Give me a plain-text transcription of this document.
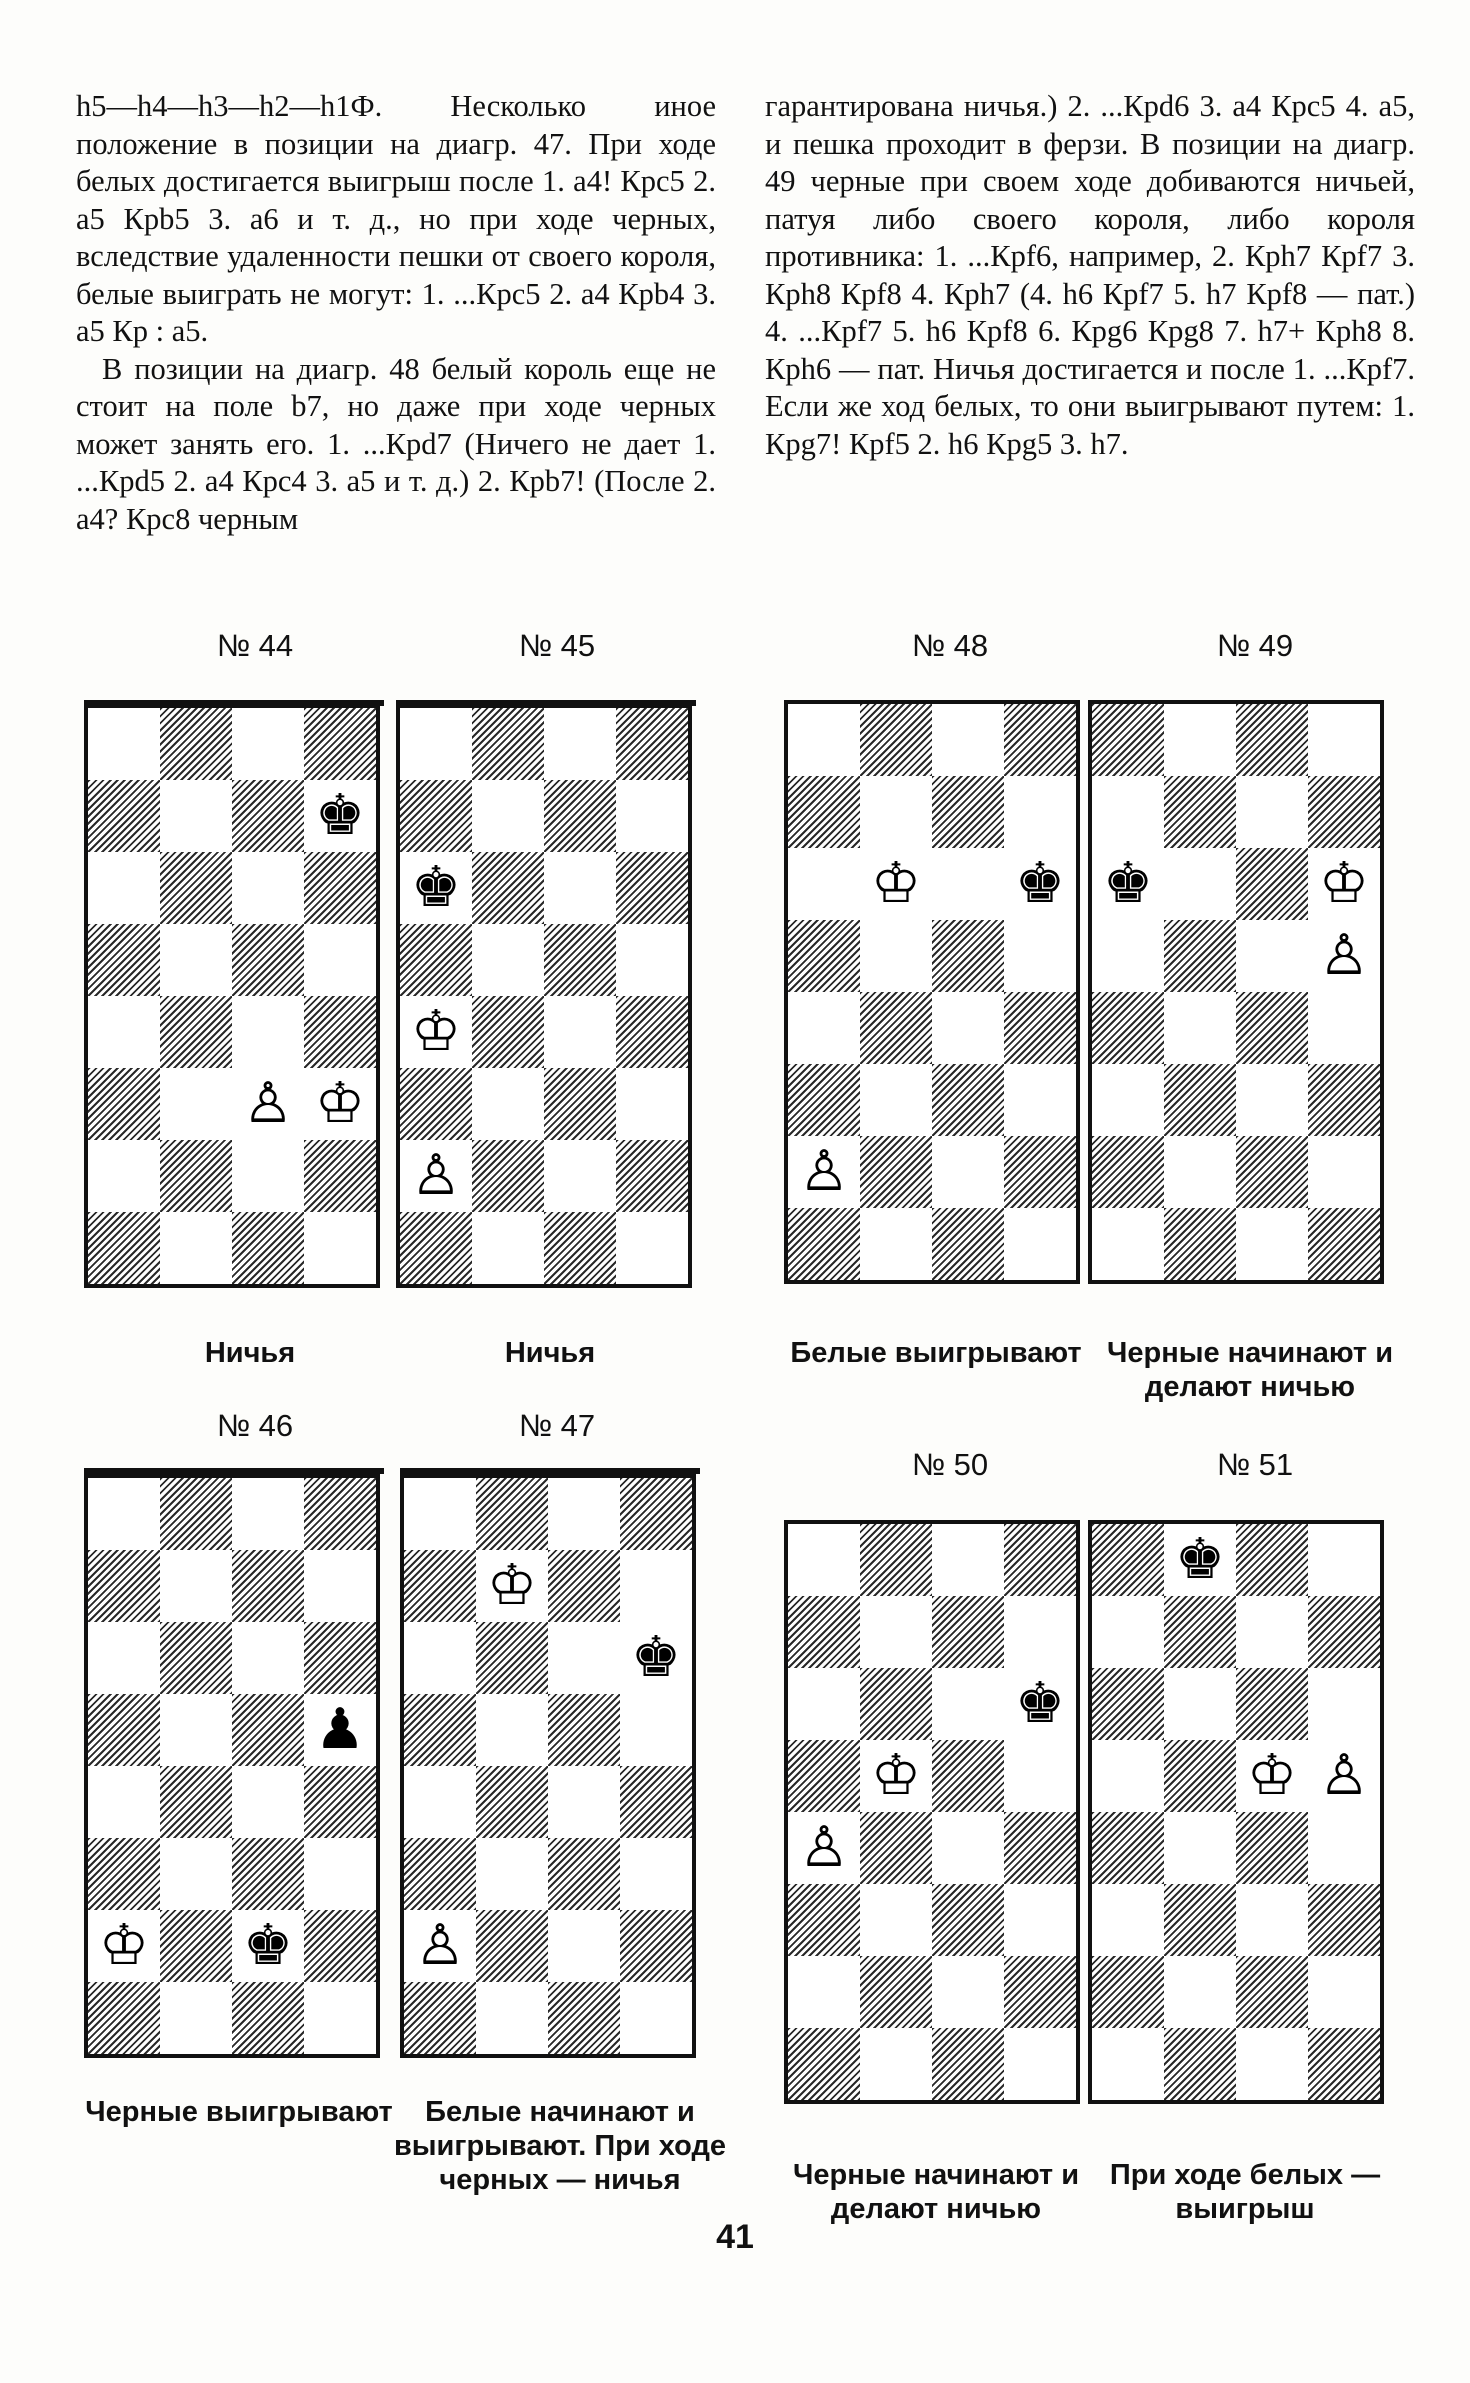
h5—h4—h3—h2—h1Ф. Несколько иное положение в позиции на диагр. 47. При ходе белых достигается выигрыш после 1. a4! Крс5 2. a5 Крb5 3. a6 и т. д., но при ходе черных, вследствие удаленности пешки от своего короля, белые выиграть не могут: 1. ...Крс5 2. a4 Крb4 3. a5 Кр : a5.

В позиции на диагр. 48 белый король еще не стоит на поле b7, но даже при ходе черных может занять его. 1. ...Крd7 (Ничего не дает 1. ...Крd5 2. a4 Крс4 3. a5 и т. д.) 2. Крb7! (После 2. a4? Крс8 черным

гарантирована ничья.) 2. ...Крd6 3. a4 Крс5 4. a5, и пешка проходит в ферзи. В позиции на диагр. 49 черные при своем ходе добиваются ничьей, патуя либо своего короля, либо короля противника: 1. ...Крf6, например, 2. Крh7 Крf7 3. Крh8 Крf8 4. Крh7 (4. h6 Крf7 5. h7 Крf8 — пат.) 4. ...Крf7 5. h6 Крf8 6. Крg6 Крg8 7. h7+ Крh8 8. Крh6 — пат. Ничья достигается и после 1. ...Крf7. Если же ход белых, то они выигрывают путем: 1. Крg7! Крf5 2. h6 Крg5 3. h7.

№ 44	№ 45	№ 48	№ 49
№ 46	№ 47
№ 50	№ 51
♚
♙ ♔
♚
♔
♙
♔ ♚
♙
♚	♔
♙
♟
♔ ♚
♔
♚
♙
♚
♔
♙
♚
♔ ♙
Ничья	Ничья	Белые выигрывают Черные начинают и делают ничью
Черные выигрывают	Белые начинают и выигрывают. При ходе черных — ничья	Черные начинают и делают ничью
При ходе белых — выигрыш
41
